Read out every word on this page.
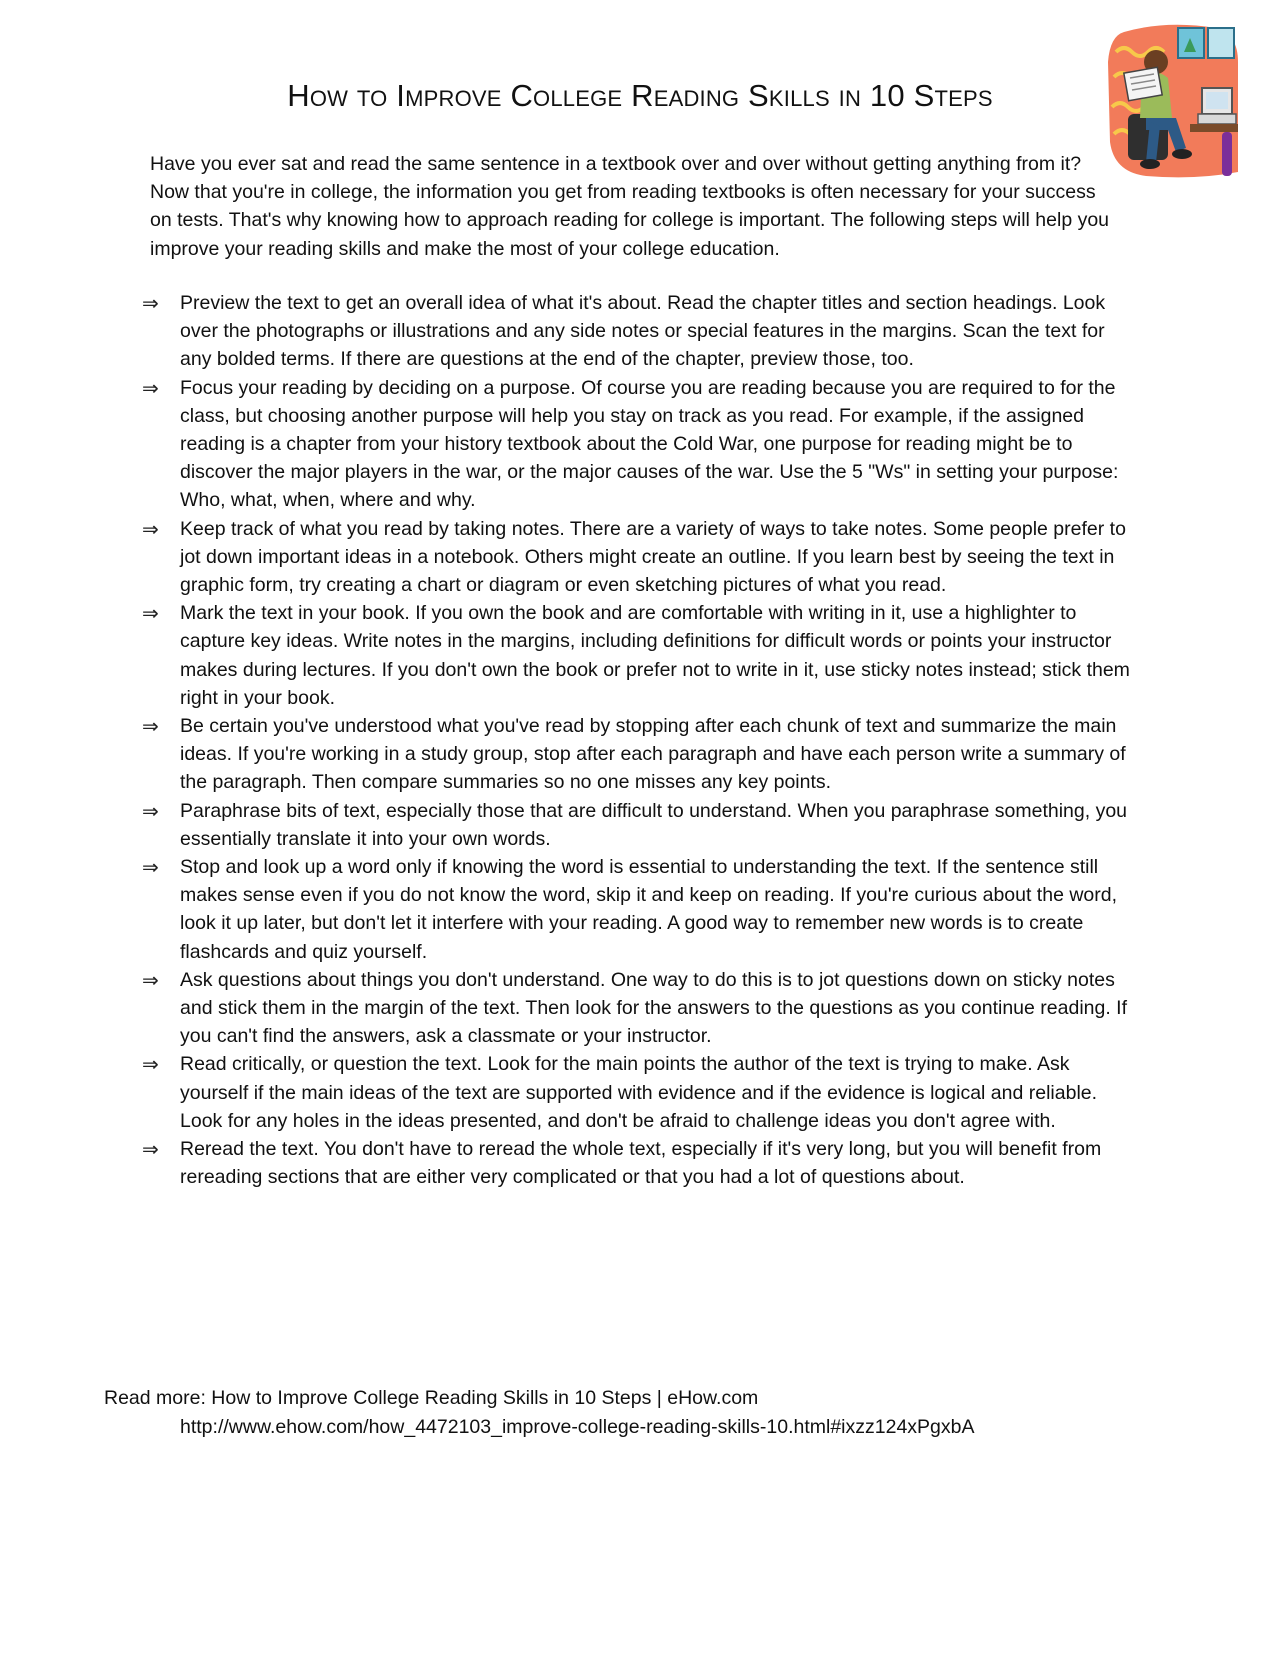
How to Improve College Reading Skills in 10 Steps

Have you ever sat and read the same sentence in a textbook over and over without getting anything from it? Now that you're in college, the information you get from reading textbooks is often necessary for your success on tests. That's why knowing how to approach reading for college is important. The following steps will help you improve your reading skills and make the most of your college education.

⇒	Preview the text to get an overall idea of what it's about. Read the chapter titles and section headings. Look over the photographs or illustrations and any side notes or special features in the margins. Scan the text for any bolded terms. If there are questions at the end of the chapter, preview those, too.
⇒	Focus your reading by deciding on a purpose. Of course you are reading because you are required to for the class, but choosing another purpose will help you stay on track as you read. For example, if the assigned reading is a chapter from your history textbook about the Cold War, one purpose for reading might be to discover the major players in the war, or the major causes of the war. Use the 5 "Ws" in setting your purpose: Who, what, when, where and why.
⇒	Keep track of what you read by taking notes. There are a variety of ways to take notes. Some people prefer to jot down important ideas in a notebook. Others might create an outline. If you learn best by seeing the text in graphic form, try creating a chart or diagram or even sketching pictures of what you read.
⇒	Mark the text in your book. If you own the book and are comfortable with writing in it, use a highlighter to capture key ideas. Write notes in the margins, including definitions for difficult words or points your instructor makes during lectures. If you don't own the book or prefer not to write in it, use sticky notes instead; stick them right in your book.
⇒	Be certain you've understood what you've read by stopping after each chunk of text and summarize the main ideas. If you're working in a study group, stop after each paragraph and have each person write a summary of the paragraph. Then compare summaries so no one misses any key points.
⇒	Paraphrase bits of text, especially those that are difficult to understand. When you paraphrase something, you essentially translate it into your own words.
⇒	Stop and look up a word only if knowing the word is essential to understanding the text. If the sentence still makes sense even if you do not know the word, skip it and keep on reading. If you're curious about the word, look it up later, but don't let it interfere with your reading. A good way to remember new words is to create flashcards and quiz yourself.
⇒	Ask questions about things you don't understand. One way to do this is to jot questions down on sticky notes and stick them in the margin of the text. Then look for the answers to the questions as you continue reading. If you can't find the answers, ask a classmate or your instructor.
⇒	Read critically, or question the text. Look for the main points the author of the text is trying to make. Ask yourself if the main ideas of the text are supported with evidence and if the evidence is logical and reliable. Look for any holes in the ideas presented, and don't be afraid to challenge ideas you don't agree with.
⇒	Reread the text. You don't have to reread the whole text, especially if it's very long, but you will benefit from rereading sections that are either very complicated or that you had a lot of questions about.

Read more: How to Improve College Reading Skills in 10 Steps | eHow.com
http://www.ehow.com/how_4472103_improve-college-reading-skills-10.html#ixzz124xPgxbA
